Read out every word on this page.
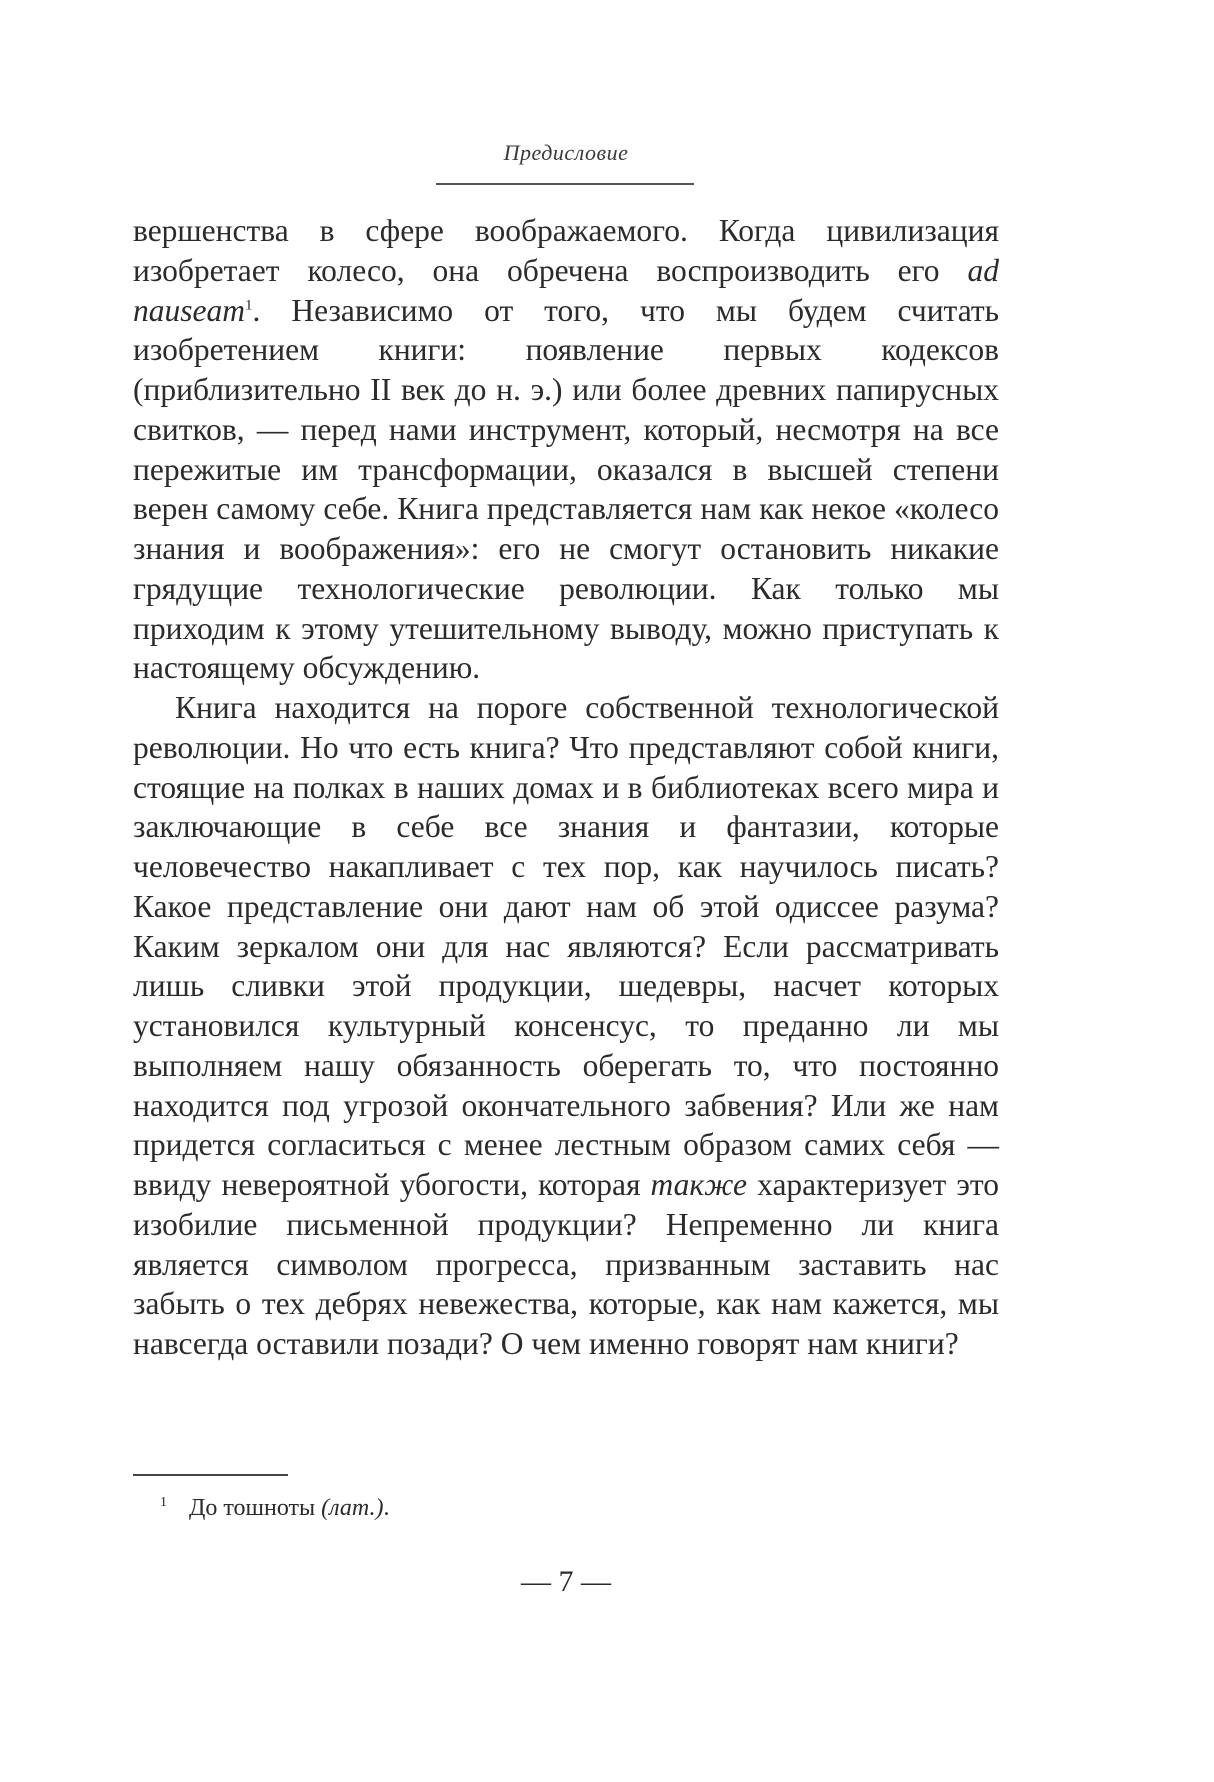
Предисловие

вершенства в сфере воображаемого. Когда цивилизация изобретает колесо, она обречена воспроизводить его ad nauseam$^1$. Независимо от того, что мы будем считать изобретением книги: появление первых кодексов (приблизительно II век до н. э.) или более древних папирусных свитков, — перед нами инструмент, который, несмотря на все пережитые им трансформации, оказался в высшей степени верен самому себе. Книга представляется нам как некое «колесо знания и воображения»: его не смогут остановить никакие грядущие технологические революции. Как только мы приходим к этому утешительному выводу, можно приступать к настоящему обсуждению.

Книга находится на пороге собственной технологической революции. Но что есть книга? Что представляют собой книги, стоящие на полках в наших домах и в библиотеках всего мира и заключающие в себе все знания и фантазии, которые человечество накапливает с тех пор, как научилось писать? Какое представление они дают нам об этой одиссее разума? Каким зеркалом они для нас являются? Если рассматривать лишь сливки этой продукции, шедевры, насчет которых установился культурный консенсус, то преданно ли мы выполняем нашу обязанность оберегать то, что постоянно находится под угрозой окончательного забвения? Или же нам придется согласиться с менее лестным образом самих себя — ввиду невероятной убогости, которая также характеризует это изобилие письменной продукции? Непременно ли книга является символом прогресса, призванным заставить нас забыть о тех дебрях невежества, которые, как нам кажется, мы навсегда оставили позади? О чем именно говорят нам книги?

$^1$ До тошноты (лат.).
— 7 —
